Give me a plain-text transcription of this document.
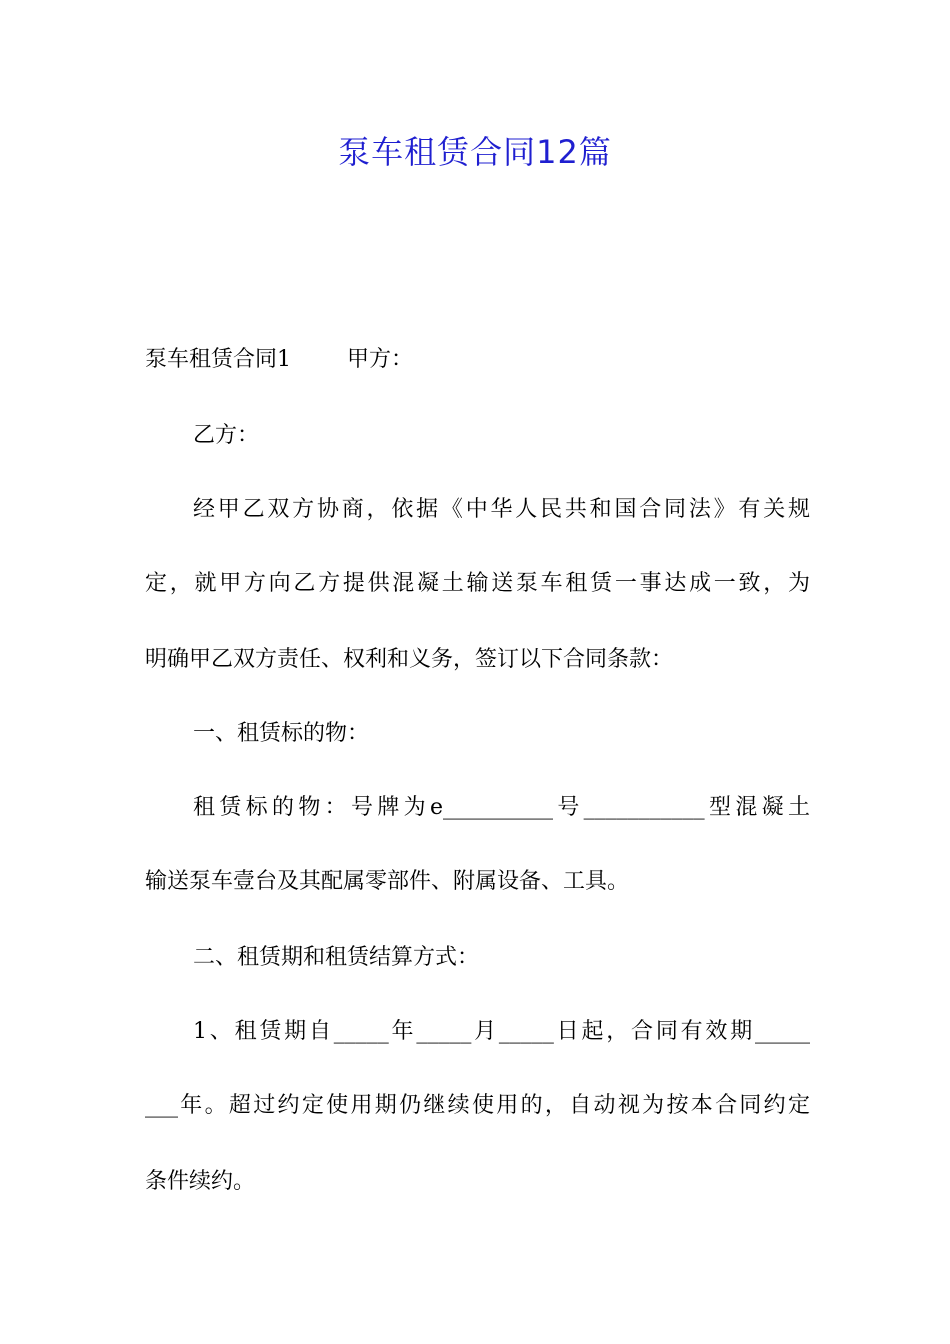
泵车租赁合同12篇
泵车租赁合同1	甲方：

乙方：

经甲乙双方协商，依据《中华人民共和国合同法》有关规

定，就甲方向乙方提供混凝土输送泵车租赁一事达成一致，为

明确甲乙双方责任、权利和义务，签订以下合同条款：

一、租赁标的物：

租赁标的物：号牌为e__________号___________型混凝土

输送泵车壹台及其配属零部件、附属设备、工具。

二、租赁期和租赁结算方式：

1、租赁期自_____年_____月_____日起，合同有效期_____

___年。超过约定使用期仍继续使用的，自动视为按本合同约定

条件续约。
